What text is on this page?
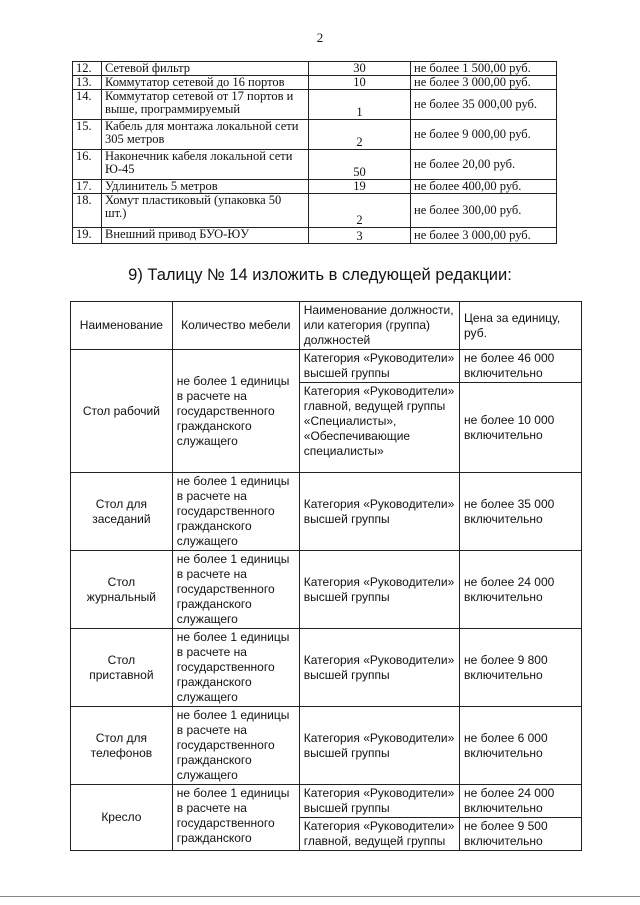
2
12.	Сетевой фильтр	30	не более 1 500,00 руб.
13.	Коммутатор сетевой до 16 портов	10	не более 3 000,00 руб.
14.	Коммутатор сетевой от 17 портов и выше, программируемый	1	не более 35 000,00 руб.
15.	Кабель для монтажа локальной сети 305 метров	2	не более 9 000,00 руб.
16.	Наконечник кабеля локальной сети Ю-45	50	не более 20,00 руб.
17.	Удлинитель 5 метров	19	не более 400,00 руб.
18.	Хомут пластиковый (упаковка 50 шт.)	2	не более 300,00 руб.
19.	Внешний привод БУО-ЮУ	3	не более 3 000,00 руб.
9) Талицу № 14 изложить в следующей редакции:
Наименование	Количество мебели	Наименование должности, или категория (группа) должностей	Цена за единицу, руб.
Стол рабочий	не более 1 единицы в расчете на государственного гражданского служащего	Категория «Руководители» высшей группы	не более 46 000 включительно
		Категория «Руководители» главной, ведущей группы «Специалисты», «Обеспечивающие специалисты»	не более 10 000 включительно
Стол для заседаний	не более 1 единицы в расчете на государственного гражданского служащего	Категория «Руководители» высшей группы	не более 35 000 включительно
Стол журнальный	не более 1 единицы в расчете на государственного гражданского служащего	Категория «Руководители» высшей группы	не более 24 000 включительно
Стол приставной	не более 1 единицы в расчете на государственного гражданского служащего	Категория «Руководители» высшей группы	не более 9 800 включительно
Стол для телефонов	не более 1 единицы в расчете на государственного гражданского служащего	Категория «Руководители» высшей группы	не более 6 000 включительно
Кресло	не более 1 единицы в расчете на государственного гражданского	Категория «Руководители» высшей группы	не более 24 000 включительно
		Категория «Руководители» главной, ведущей группы	не более 9 500 включительно
